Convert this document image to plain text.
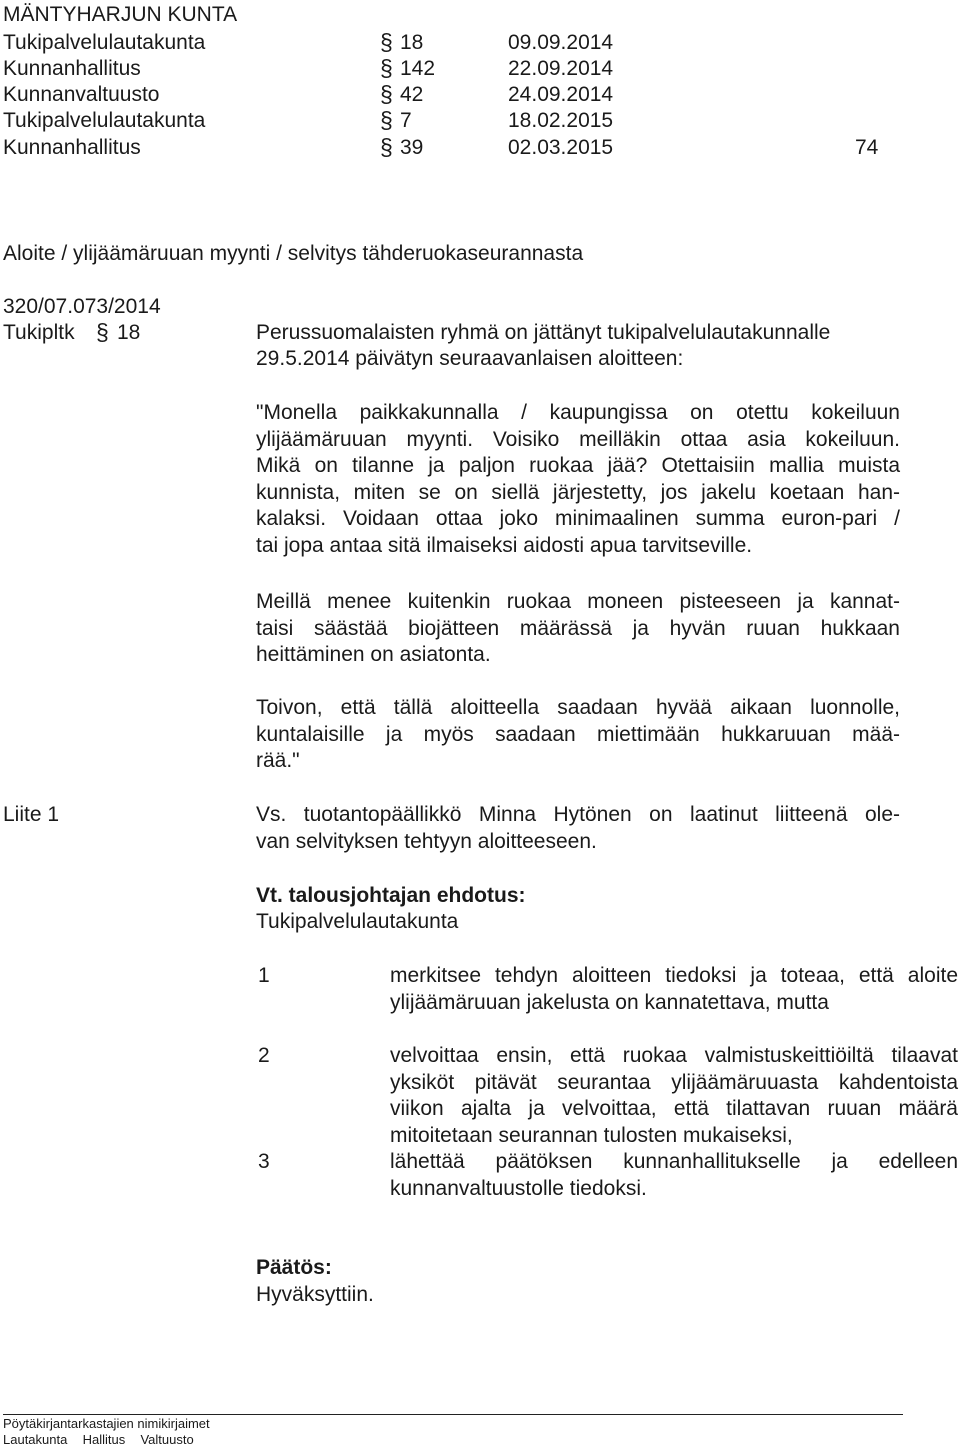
MÄNTYHARJUN KUNTA
Tukipalvelulautakunta	§ 18	09.09.2014
Kunnanhallitus	§ 142	22.09.2014
Kunnanvaltuusto	§ 42	24.09.2014
Tukipalvelulautakunta	§ 7	18.02.2015
Kunnanhallitus	§ 39	02.03.2015	74
Aloite / ylijäämäruuan myynti / selvitys tähderuokaseurannasta
320/07.073/2014
Tukipltk § 18	Perussuomalaisten ryhmä on jättänyt tukipalvelulautakunnalle
29.5.2014 päivätyn seuraavanlaisen aloitteen:
"Monella paikkakunnalla / kaupungissa on otettu kokeiluun
ylijäämäruuan myynti. Voisiko meilläkin ottaa asia kokeiluun.
Mikä on tilanne ja paljon ruokaa jää? Otettaisiin mallia muista
kunnista, miten se on siellä järjestetty, jos jakelu koetaan han-
kalaksi. Voidaan ottaa joko minimaalinen summa euron-pari /
tai jopa antaa sitä ilmaiseksi aidosti apua tarvitseville.
Meillä menee kuitenkin ruokaa moneen pisteeseen ja kannat-
taisi säästää biojätteen määrässä ja hyvän ruuan hukkaan
heittäminen on asiatonta.
Toivon, että tällä aloitteella saadaan hyvää aikaan luonnolle,
kuntalaisille ja myös saadaan miettimään hukkaruuan mää-
rää."
Liite 1	Vs. tuotantopäällikkö Minna Hytönen on laatinut liitteenä ole-
van selvityksen tehtyyn aloitteeseen.
Vt. talousjohtajan ehdotus:
Tukipalvelulautakunta
1	merkitsee tehdyn aloitteen tiedoksi ja toteaa, että aloite
ylijäämäruuan jakelusta on kannatettava, mutta
2	velvoittaa ensin, että ruokaa valmistuskeittiöiltä tilaavat
yksiköt pitävät seurantaa ylijäämäruuasta kahdentoista
viikon ajalta ja velvoittaa, että tilattavan ruuan määrä
mitoitetaan seurannan tulosten mukaiseksi,
3	lähettää päätöksen kunnanhallitukselle ja edelleen
kunnanvaltuustolle tiedoksi.
Päätös:
Hyväksyttiin.
Pöytäkirjantarkastajien nimikirjaimet
Lautakunta Hallitus Valtuusto
